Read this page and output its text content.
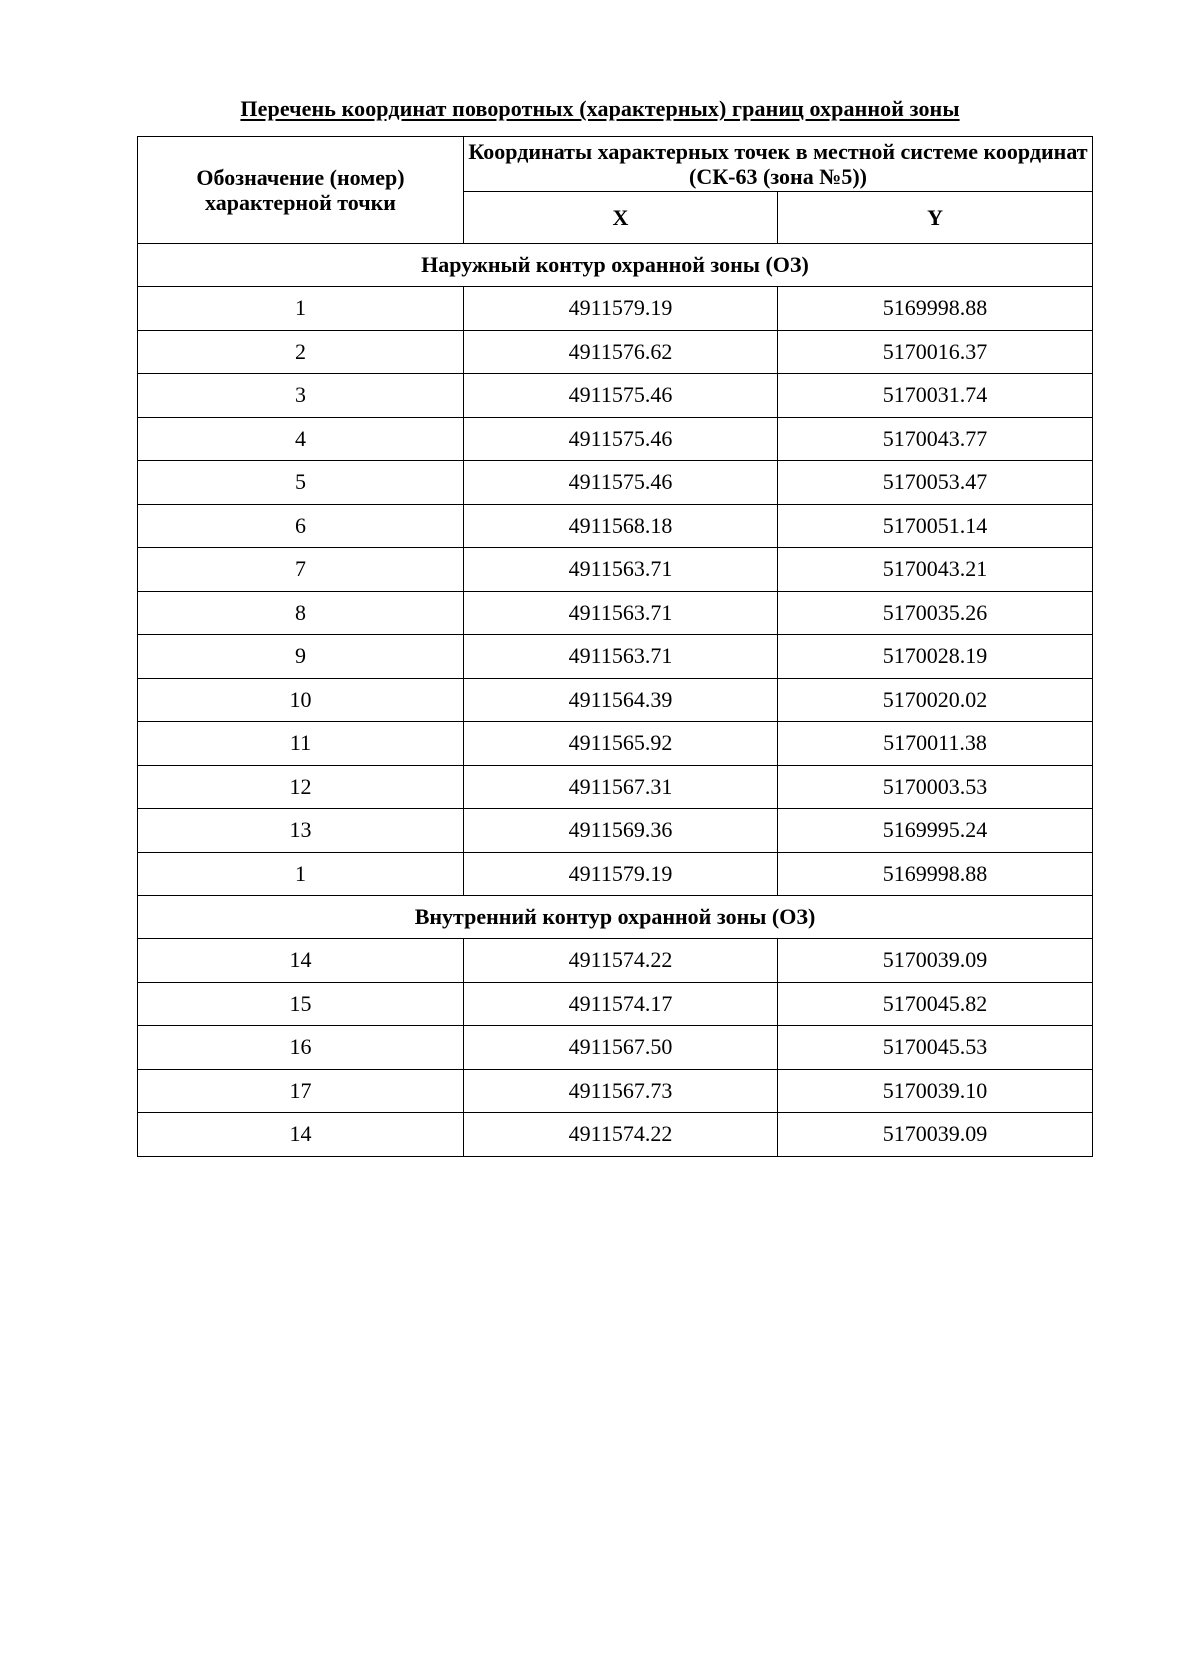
Перечень координат поворотных (характерных) границ охранной зоны
Обозначение (номер) характерной точки	Координаты характерных точек в местной системе координат (СК-63 (зона №5))	
	X	Y
Наружный контур охранной зоны (ОЗ)		
1	4911579.19	5169998.88
2	4911576.62	5170016.37
3	4911575.46	5170031.74
4	4911575.46	5170043.77
5	4911575.46	5170053.47
6	4911568.18	5170051.14
7	4911563.71	5170043.21
8	4911563.71	5170035.26
9	4911563.71	5170028.19
10	4911564.39	5170020.02
11	4911565.92	5170011.38
12	4911567.31	5170003.53
13	4911569.36	5169995.24
1	4911579.19	5169998.88
Внутренний контур охранной зоны (ОЗ)		
14	4911574.22	5170039.09
15	4911574.17	5170045.82
16	4911567.50	5170045.53
17	4911567.73	5170039.10
14	4911574.22	5170039.09
